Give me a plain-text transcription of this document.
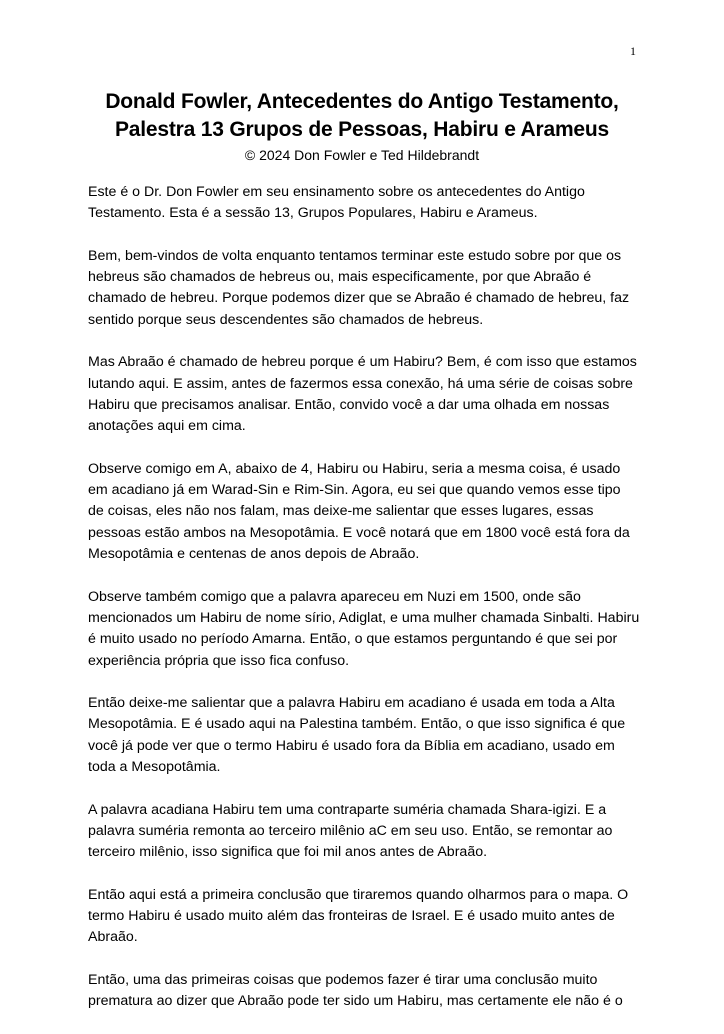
1
Donald Fowler, Antecedentes do Antigo Testamento,
Palestra 13 Grupos de Pessoas, Habiru e Arameus

© 2024 Don Fowler e Ted Hildebrandt

Este é o Dr. Don Fowler em seu ensinamento sobre os antecedentes do Antigo Testamento. Esta é a sessão 13, Grupos Populares, Habiru e Arameus.

Bem, bem-vindos de volta enquanto tentamos terminar este estudo sobre por que os hebreus são chamados de hebreus ou, mais especificamente, por que Abraão é chamado de hebreu. Porque podemos dizer que se Abraão é chamado de hebreu, faz sentido porque seus descendentes são chamados de hebreus.

Mas Abraão é chamado de hebreu porque é um Habiru? Bem, é com isso que estamos lutando aqui. E assim, antes de fazermos essa conexão, há uma série de coisas sobre Habiru que precisamos analisar. Então, convido você a dar uma olhada em nossas anotações aqui em cima.

Observe comigo em A, abaixo de 4, Habiru ou Habiru, seria a mesma coisa, é usado em acadiano já em Warad-Sin e Rim-Sin. Agora, eu sei que quando vemos esse tipo de coisas, eles não nos falam, mas deixe-me salientar que esses lugares, essas pessoas estão ambos na Mesopotâmia. E você notará que em 1800 você está fora da Mesopotâmia e centenas de anos depois de Abraão.

Observe também comigo que a palavra apareceu em Nuzi em 1500, onde são mencionados um Habiru de nome sírio, Adiglat, e uma mulher chamada Sinbalti. Habiru é muito usado no período Amarna. Então, o que estamos perguntando é que sei por experiência própria que isso fica confuso.

Então deixe-me salientar que a palavra Habiru em acadiano é usada em toda a Alta Mesopotâmia. E é usado aqui na Palestina também. Então, o que isso significa é que você já pode ver que o termo Habiru é usado fora da Bíblia em acadiano, usado em toda a Mesopotâmia.

A palavra acadiana Habiru tem uma contraparte suméria chamada Shara-igizi. E a palavra suméria remonta ao terceiro milênio aC em seu uso. Então, se remontar ao terceiro milênio, isso significa que foi mil anos antes de Abraão.

Então aqui está a primeira conclusão que tiraremos quando olharmos para o mapa. O termo Habiru é usado muito além das fronteiras de Israel. E é usado muito antes de Abraão.

Então, uma das primeiras coisas que podemos fazer é tirar uma conclusão muito prematura ao dizer que Abraão pode ter sido um Habiru, mas certamente ele não é o
